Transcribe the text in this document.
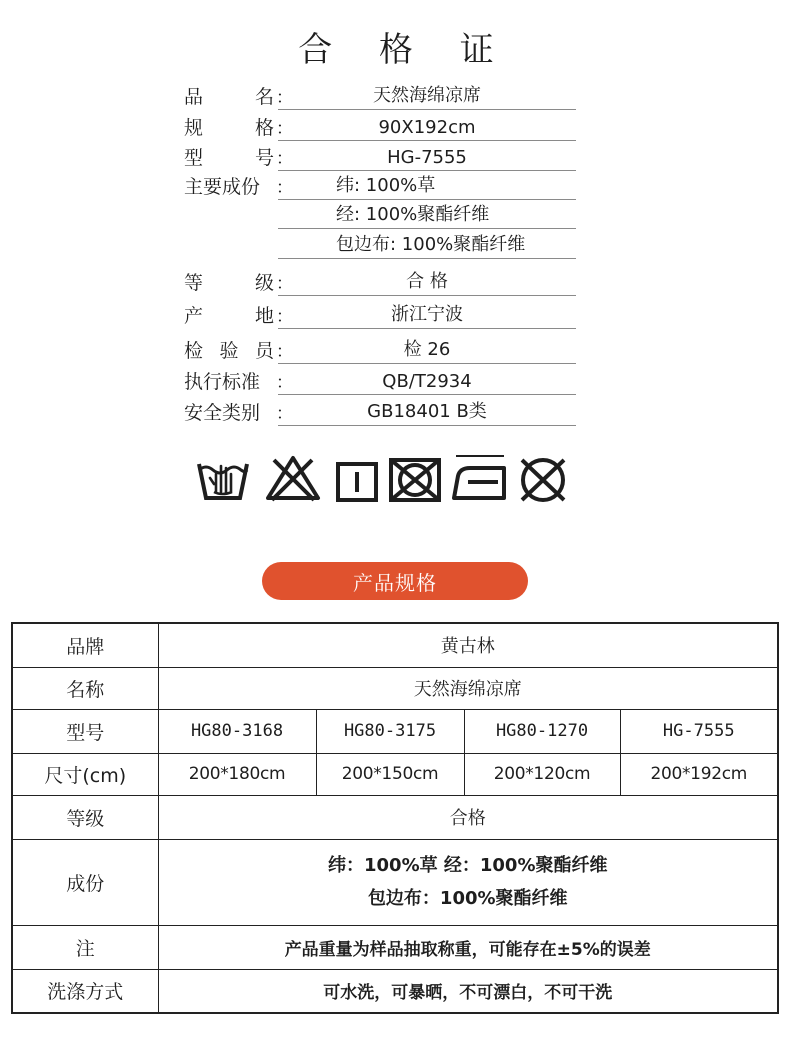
合 格 证
品	名 ：	天然海绵凉席
规	格 ：	90X192cm
型	号 ：	HG-7555
主要成份 ：	纬: 100%草
经: 100%聚酯纤维
包边布: 100%聚酯纤维
等	级 ：	合 格
产	地 ：	浙江宁波
检 验 员 ：	检 26
执行标准 ：	QB/T2934
安全类别 ：	GB18401 B类
产品规格
品牌	黄古林			
名称	天然海绵凉席			
型号	HG80-3168	HG80-3175	HG80-1270	HG-7555
尺寸(cm)	200*180cm	200*150cm	200*120cm	200*192cm
等级	合格			
成份	纬：100%草 经：100%聚酯纤维
包边布：100%聚酯纤维			

注	产品重量为样品抽取称重，可能存在±5%的误差			
洗涤方式	可水洗，可暴晒，不可漂白，不可干洗			
